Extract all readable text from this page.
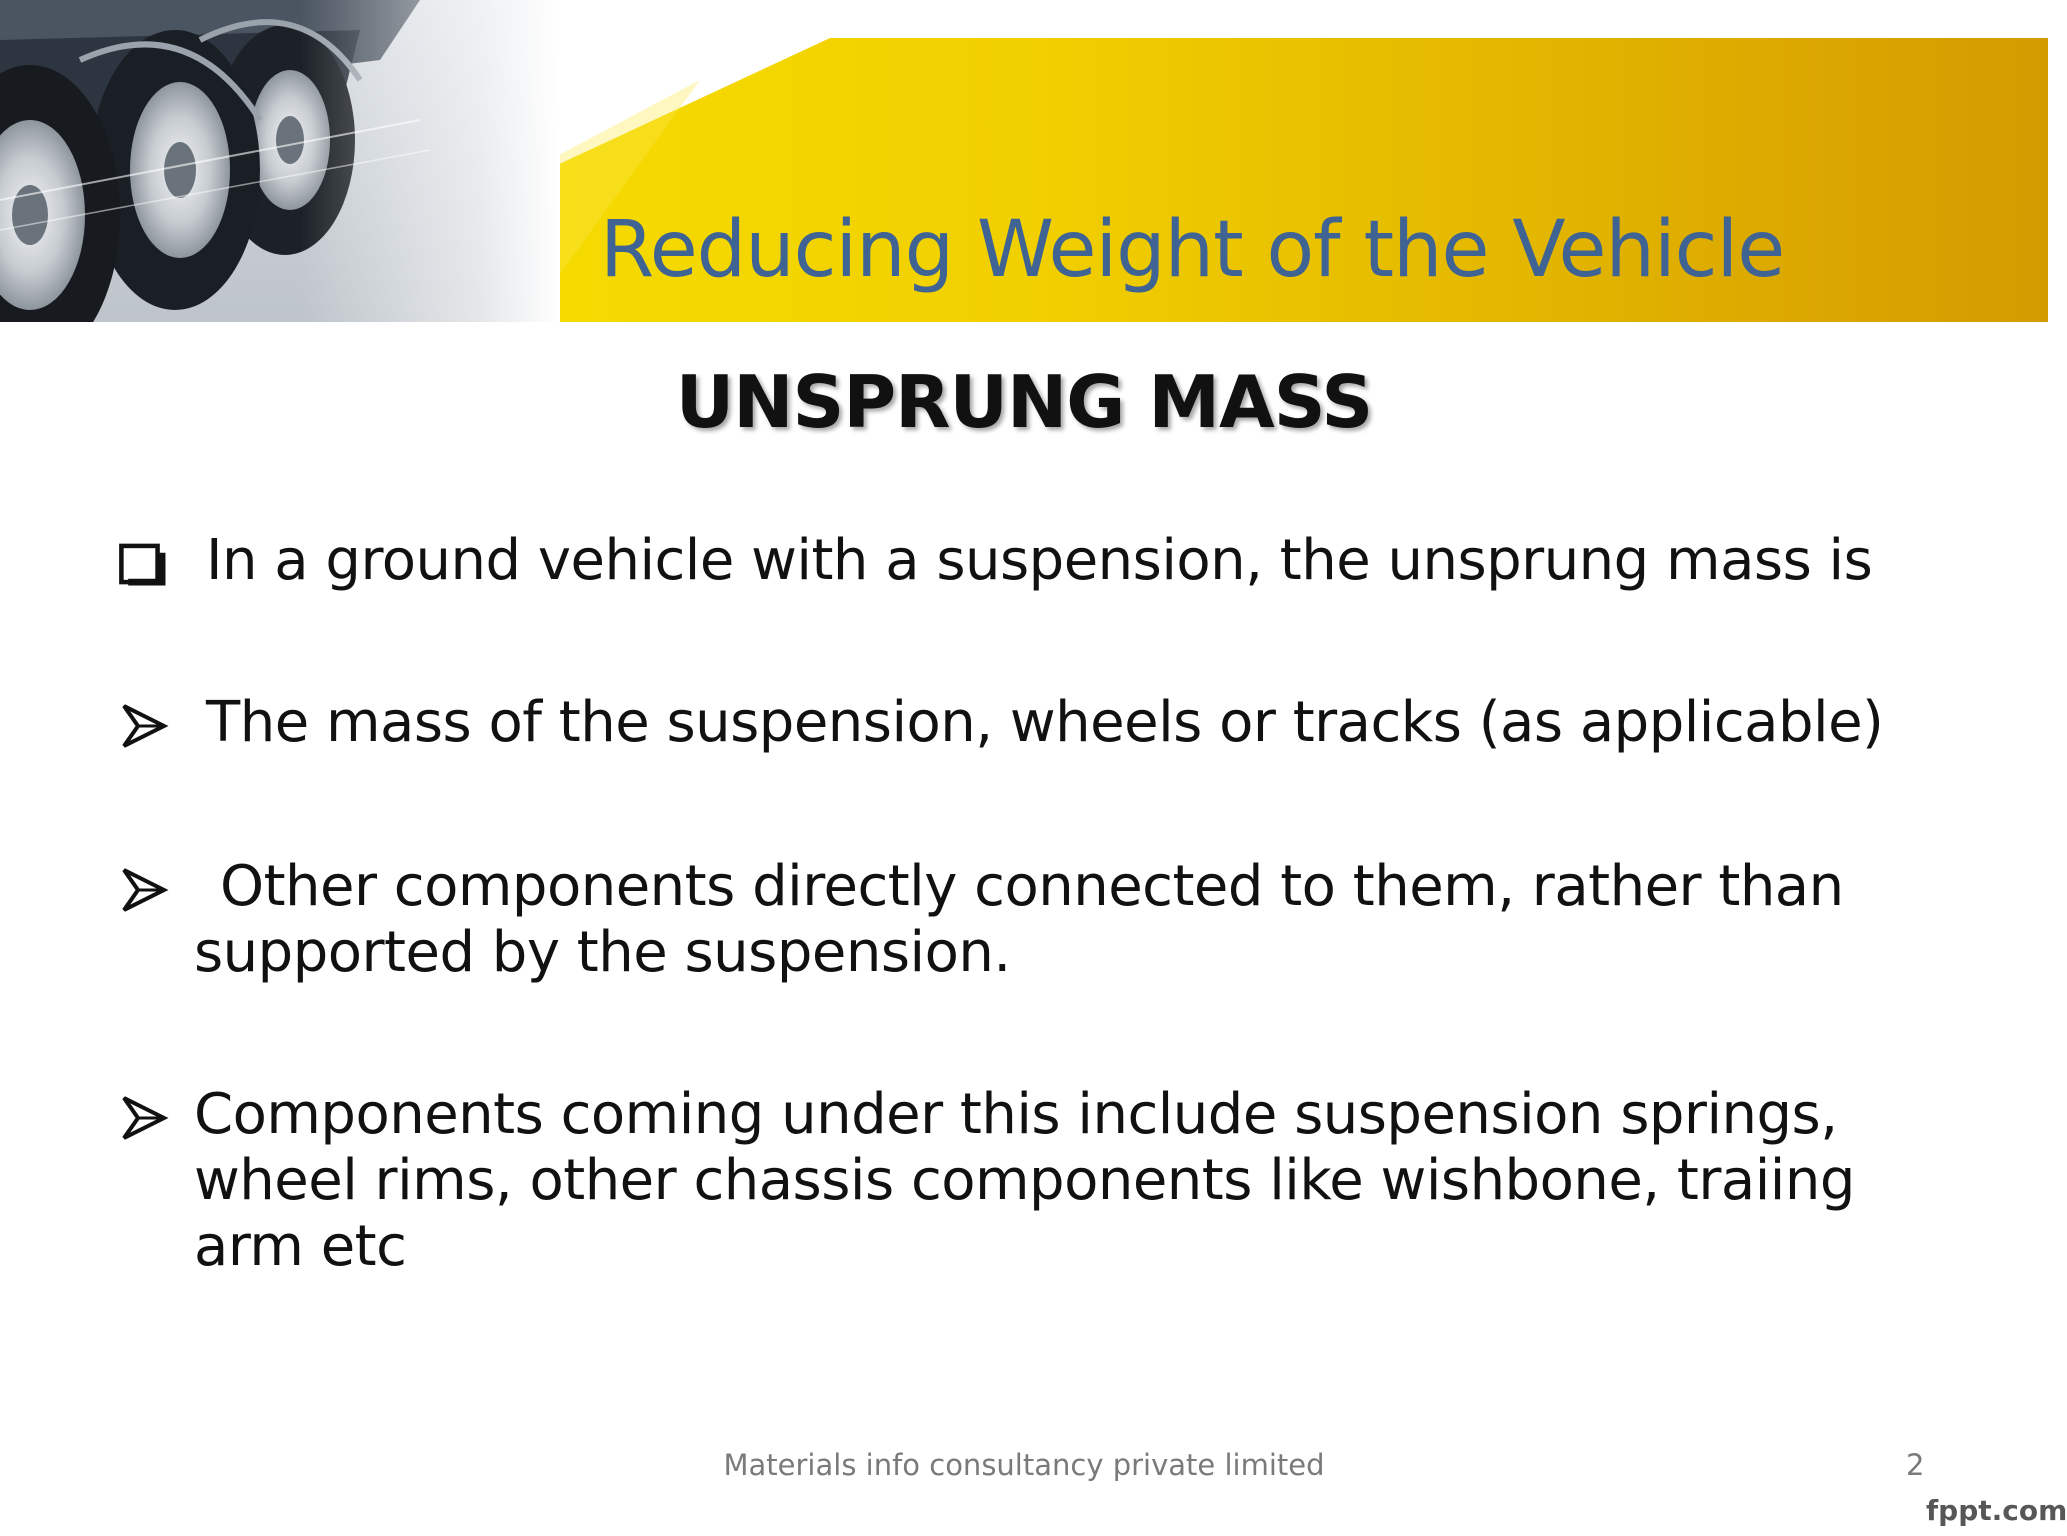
Reducing Weight of the Vehicle
UNSPRUNG MASS
In a ground vehicle with a suspension, the unsprung mass is
The mass of the suspension, wheels or tracks (as applicable)
Other components directly connected to them, rather than
supported by the suspension.
Components coming under this include suspension springs,
wheel rims, other chassis components like wishbone, traiing
arm etc
Materials info consultancy private limited	2
fppt.com
